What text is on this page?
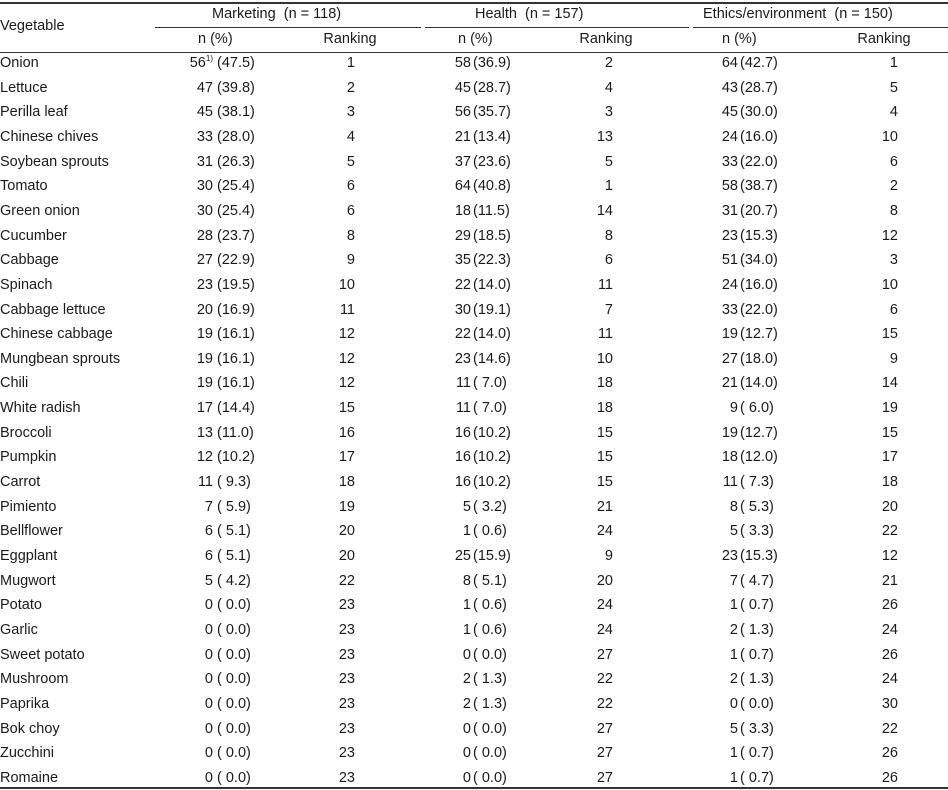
Vegetable
Marketing (n = 118)	Health (n = 157)	Ethics/environment (n = 150)
n (%)	Ranking	n (%)	Ranking	n (%)	Ranking
Onion	56$^{1)}$ (47.5)	1	58 (36.9)	2	64 (42.7)	1
Lettuce	47 (39.8)	2	45 (28.7)	4	43 (28.7)	5
Perilla leaf	45 (38.1)	3	56 (35.7)	3	45 (30.0)	4
Chinese chives	33 (28.0)	4	21 (13.4)	13	24 (16.0)	10
Soybean sprouts	31 (26.3)	5	37 (23.6)	5	33 (22.0)	6
Tomato	30 (25.4)	6	64 (40.8)	1	58 (38.7)	2
Green onion	30 (25.4)	6	18 (11.5)	14	31 (20.7)	8
Cucumber	28 (23.7)	8	29 (18.5)	8	23 (15.3)	12
Cabbage	27 (22.9)	9	35 (22.3)	6	51 (34.0)	3
Spinach	23 (19.5)	10	22 (14.0)	11	24 (16.0)	10
Cabbage lettuce	20 (16.9)	11	30 (19.1)	7	33 (22.0)	6
Chinese cabbage	19 (16.1)	12	22 (14.0)	11	19 (12.7)	15
Mungbean sprouts	19 (16.1)	12	23 (14.6)	10	27 (18.0)	9
Chili	19 (16.1)	12	11 ( 7.0)	18	21 (14.0)	14
White radish	17 (14.4)	15	11 ( 7.0)	18	9 ( 6.0)	19
Broccoli	13 (11.0)	16	16 (10.2)	15	19 (12.7)	15
Pumpkin	12 (10.2)	17	16 (10.2)	15	18 (12.0)	17
Carrot	11 ( 9.3)	18	16 (10.2)	15	11 ( 7.3)	18
Pimiento	7 ( 5.9)	19	5 ( 3.2)	21	8 ( 5.3)	20
Bellflower	6 ( 5.1)	20	1 ( 0.6)	24	5 ( 3.3)	22
Eggplant	6 ( 5.1)	20	25 (15.9)	9	23 (15.3)	12
Mugwort	5 ( 4.2)	22	8 ( 5.1)	20	7 ( 4.7)	21
Potato	0 ( 0.0)	23	1 ( 0.6)	24	1 ( 0.7)	26
Garlic	0 ( 0.0)	23	1 ( 0.6)	24	2 ( 1.3)	24
Sweet potato	0 ( 0.0)	23	0 ( 0.0)	27	1 ( 0.7)	26
Mushroom	0 ( 0.0)	23	2 ( 1.3)	22	2 ( 1.3)	24
Paprika	0 ( 0.0)	23	2 ( 1.3)	22	0 ( 0.0)	30
Bok choy	0 ( 0.0)	23	0 ( 0.0)	27	5 ( 3.3)	22
Zucchini	0 ( 0.0)	23	0 ( 0.0)	27	1 ( 0.7)	26
Romaine	0 ( 0.0)	23	0 ( 0.0)	27	1 ( 0.7)	26
